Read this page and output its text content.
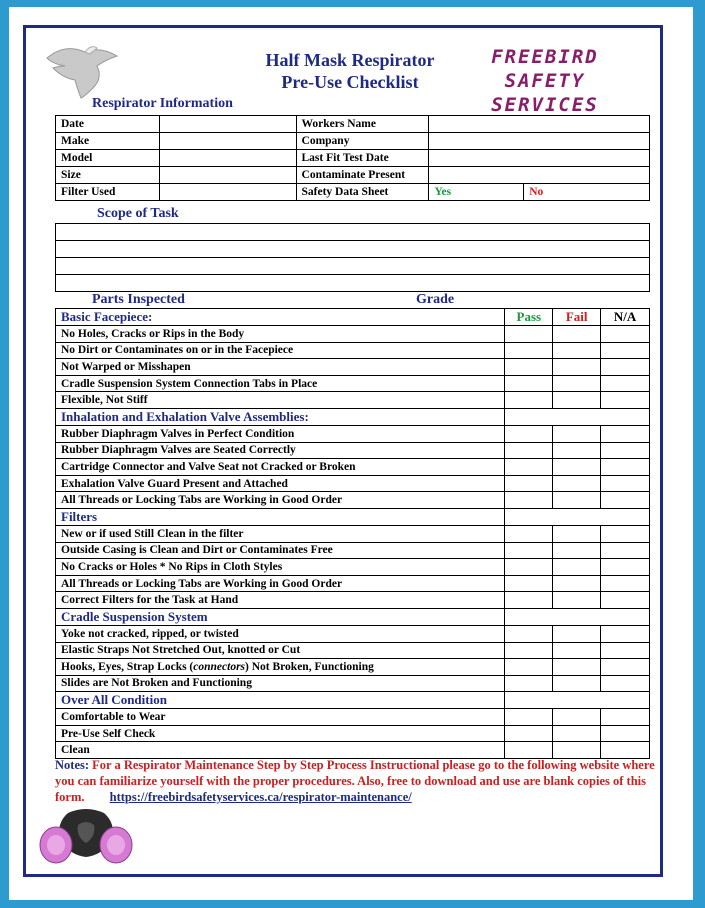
Half Mask Respirator
Pre-Use Checklist
FREEBIRD
SAFETY SERVICES
Respirator Information
Date		Workers Name		
Make		Company		
Model		Last Fit Test Date		
Size		Contaminate Present		
Filter Used		Safety Data Sheet	Yes	No
Scope of Task

Parts Inspected	Grade
Basic Facepiece:	Pass	Fail	N/A
No Holes, Cracks or Rips in the Body			
No Dirt or Contaminates on or in the Facepiece			
Not Warped or Misshapen			
Cradle Suspension System Connection Tabs in Place			
Flexible, Not Stiff			
Inhalation and Exhalation Valve Assemblies:			
Rubber Diaphragm Valves in Perfect Condition			
Rubber Diaphragm Valves are Seated Correctly			
Cartridge Connector and Valve Seat not Cracked or Broken			
Exhalation Valve Guard Present and Attached			
All Threads or Locking Tabs are Working in Good Order			
Filters			
New or if used Still Clean in the filter			
Outside Casing is Clean and Dirt or Contaminates Free			
No Cracks or Holes * No Rips in Cloth Styles			
All Threads or Locking Tabs are Working in Good Order			
Correct Filters for the Task at Hand			
Cradle Suspension System			
Yoke not cracked, ripped, or twisted			
Elastic Straps Not Stretched Out, knotted or Cut			
Hooks, Eyes, Strap Locks (connectors) Not Broken, Functioning			
Slides are Not Broken and Functioning			
Over All Condition			
Comfortable to Wear			
Pre-Use Self Check			
Clean			
Notes: For a Respirator Maintenance Step by Step Process Instructional please go to the following website where you can familiarize yourself with the proper procedures. Also, free to download and use are blank copies of this form. https://freebirdsafetyservices.ca/respirator-maintenance/
